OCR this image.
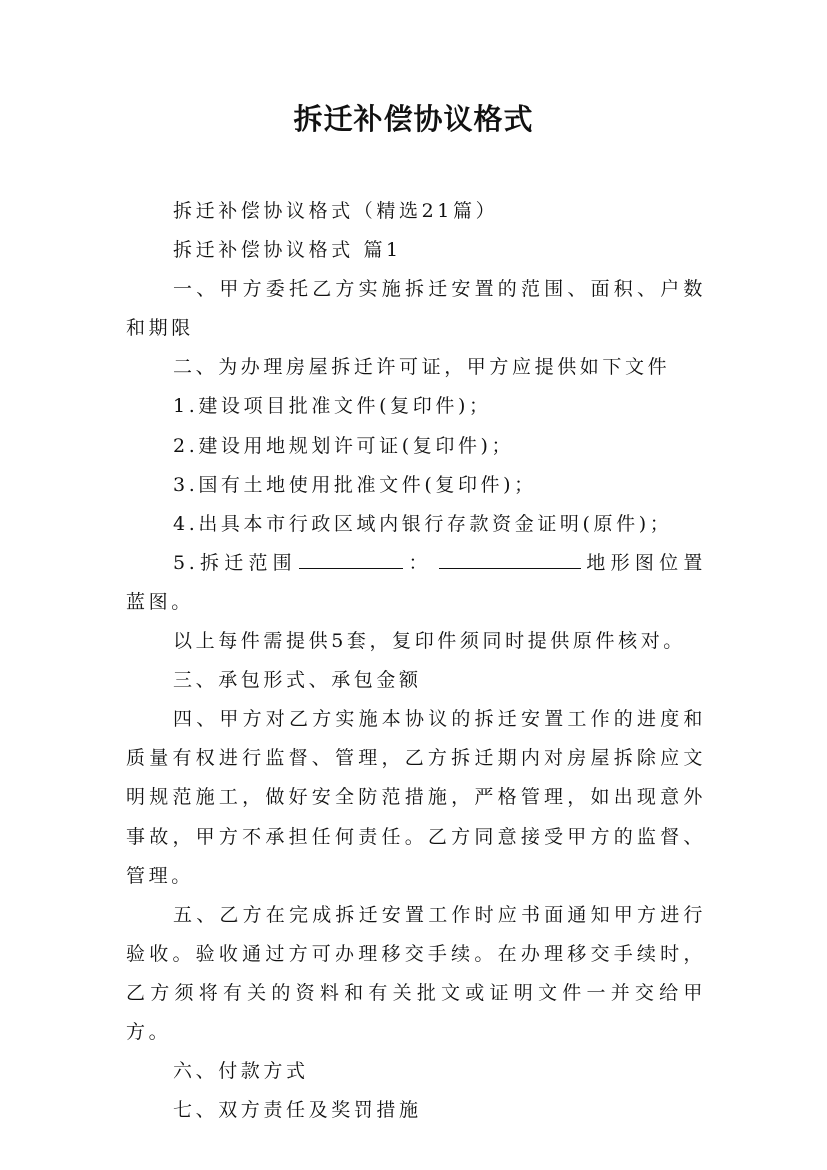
拆迁补偿协议格式

拆迁补偿协议格式（精选21篇）

拆迁补偿协议格式 篇1

一、甲方委托乙方实施拆迁安置的范围、面积、户数和期限

二、为办理房屋拆迁许可证，甲方应提供如下文件

1.建设项目批准文件(复印件)；

2.建设用地规划许可证(复印件)；

3.国有土地使用批准文件(复印件)；

4.出具本市行政区域内银行存款资金证明(原件)；

5.拆迁范围	：	地形图位置蓝图。

以上每件需提供5套，复印件须同时提供原件核对。

三、承包形式、承包金额

四、甲方对乙方实施本协议的拆迁安置工作的进度和质量有权进行监督、管理，乙方拆迁期内对房屋拆除应文明规范施工，做好安全防范措施，严格管理，如出现意外事故，甲方不承担任何责任。乙方同意接受甲方的监督、管理。

五、乙方在完成拆迁安置工作时应书面通知甲方进行验收。验收通过方可办理移交手续。在办理移交手续时，乙方须将有关的资料和有关批文或证明文件一并交给甲方。

六、付款方式

七、双方责任及奖罚措施
